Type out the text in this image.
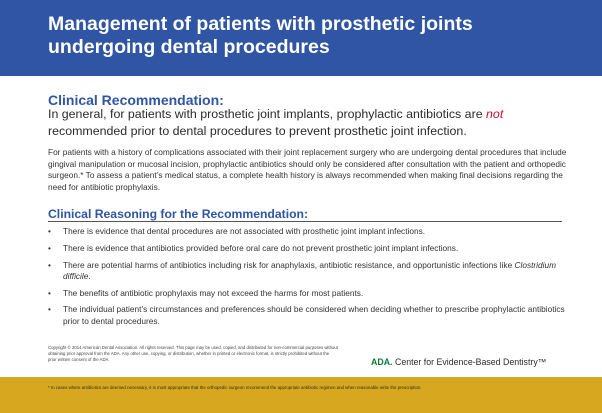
Management of patients with prosthetic joints
undergoing dental procedures
Clinical Recommendation:
In general, for patients with prosthetic joint implants, prophylactic antibiotics are not recommended prior to dental procedures to prevent prosthetic joint infection.
For patients with a history of complications associated with their joint replacement surgery who are undergoing dental procedures that include gingival manipulation or mucosal incision, prophylactic antibiotics should only be considered after consultation with the patient and orthopedic surgeon.* To assess a patient’s medical status, a complete health history is always recommended when making final decisions regarding the need for antibiotic prophylaxis.
Clinical Reasoning for the Recommendation:
• There is evidence that dental procedures are not associated with prosthetic joint implant infections.
• There is evidence that antibiotics provided before oral care do not prevent prosthetic joint implant infections.
• There are potential harms of antibiotics including risk for anaphylaxis, antibiotic resistance, and opportunistic infections like Clostridium difficile.
• The benefits of antibiotic prophylaxis may not exceed the harms for most patients.
• The individual patient’s circumstances and preferences should be considered when deciding whether to prescribe prophylactic antibiotics prior to dental procedures.
Copyright © 2014 American Dental Association. All rights reserved. This page may be used, copied, and distributed for non-commercial purposes without obtaining prior approval from the ADA. Any other use, copying, or distribution, whether in printed or electronic format, is strictly prohibited without the prior written consent of the ADA.	ADA. Center for Evidence-Based Dentistry™
* In cases where antibiotics are deemed necessary, it is most appropriate that the orthopedic surgeon recommend the appropriate antibiotic regimen and when reasonable write the prescription.
